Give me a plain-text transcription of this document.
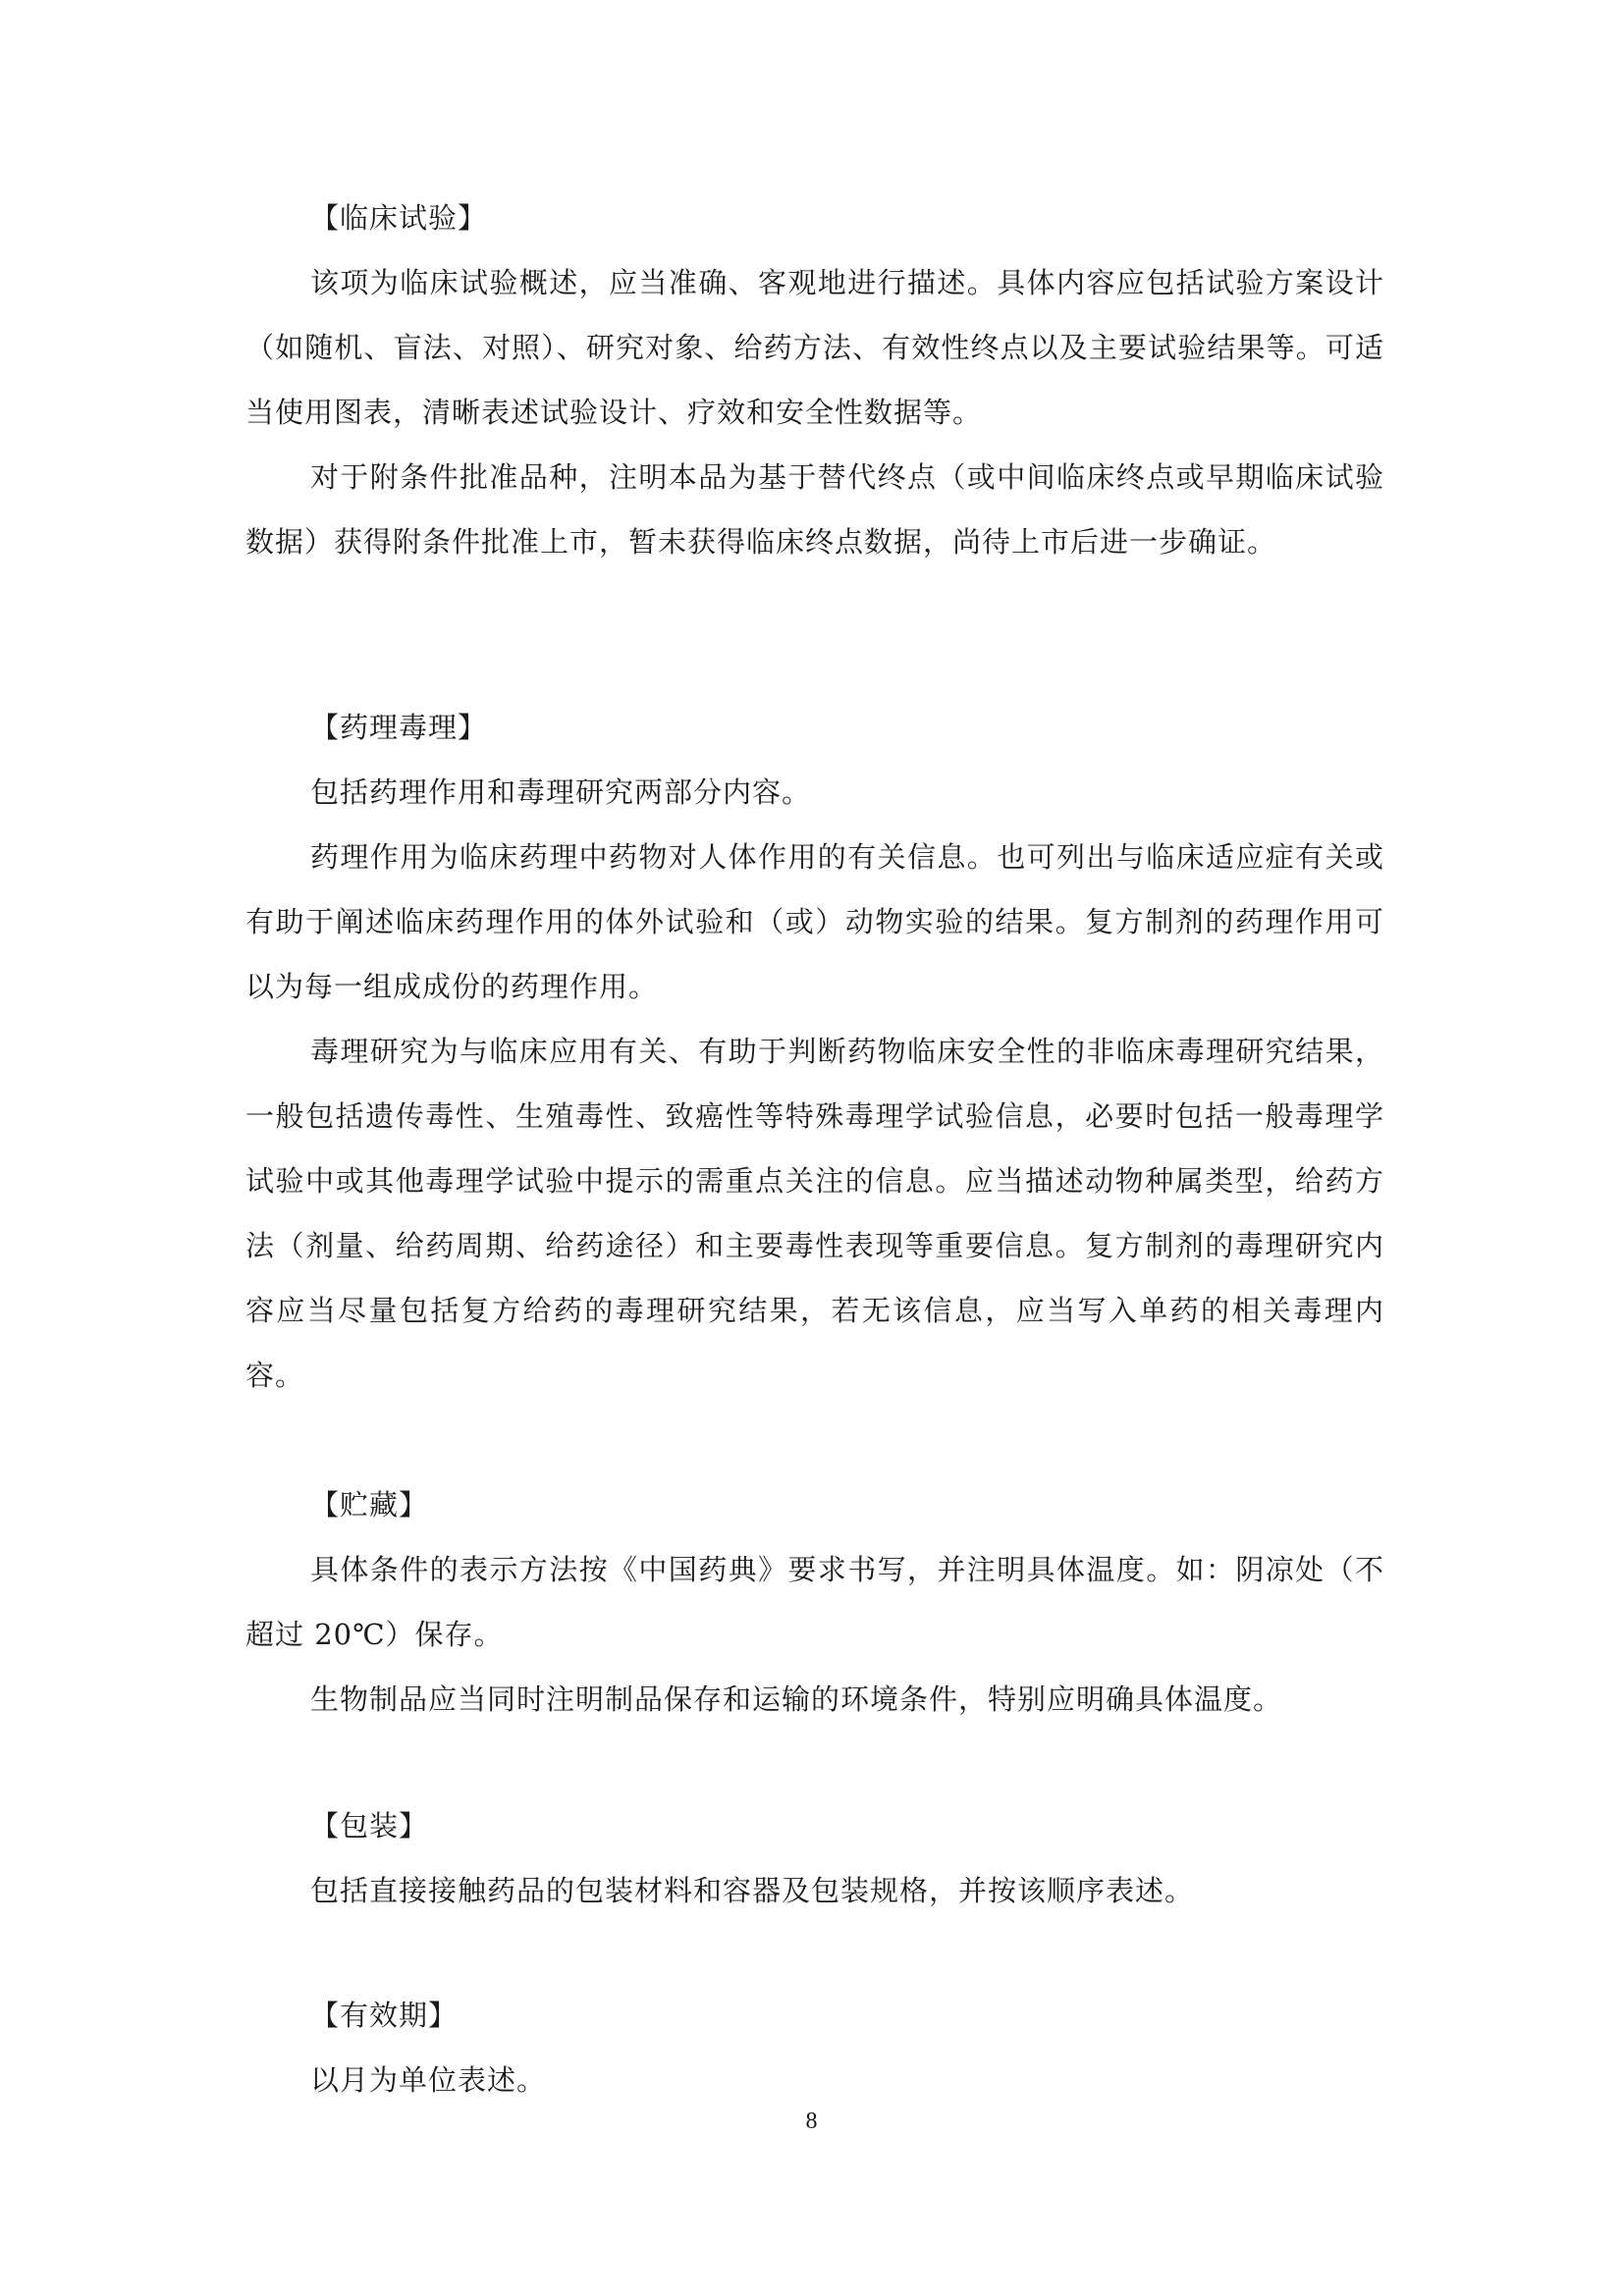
【临床试验】
该项为临床试验概述，应当准确、客观地进行描述。具体内容应包括试验方案设计（如随机、盲法、对照）、研究对象、给药方法、有效性终点以及主要试验结果等。可适当使用图表，清晰表述试验设计、疗效和安全性数据等。
对于附条件批准品种，注明本品为基于替代终点（或中间临床终点或早期临床试验数据）获得附条件批准上市，暂未获得临床终点数据，尚待上市后进一步确证。
【药理毒理】
包括药理作用和毒理研究两部分内容。
药理作用为临床药理中药物对人体作用的有关信息。也可列出与临床适应症有关或有助于阐述临床药理作用的体外试验和（或）动物实验的结果。复方制剂的药理作用可以为每一组成成份的药理作用。
毒理研究为与临床应用有关、有助于判断药物临床安全性的非临床毒理研究结果，一般包括遗传毒性、生殖毒性、致癌性等特殊毒理学试验信息，必要时包括一般毒理学试验中或其他毒理学试验中提示的需重点关注的信息。应当描述动物种属类型，给药方法（剂量、给药周期、给药途径）和主要毒性表现等重要信息。复方制剂的毒理研究内容应当尽量包括复方给药的毒理研究结果，若无该信息，应当写入单药的相关毒理内容。
【贮藏】
具体条件的表示方法按《中国药典》要求书写，并注明具体温度。如：阴凉处（不超过 20℃）保存。
生物制品应当同时注明制品保存和运输的环境条件，特别应明确具体温度。
【包装】
包括直接接触药品的包装材料和容器及包装规格，并按该顺序表述。
【有效期】
以月为单位表述。
8
